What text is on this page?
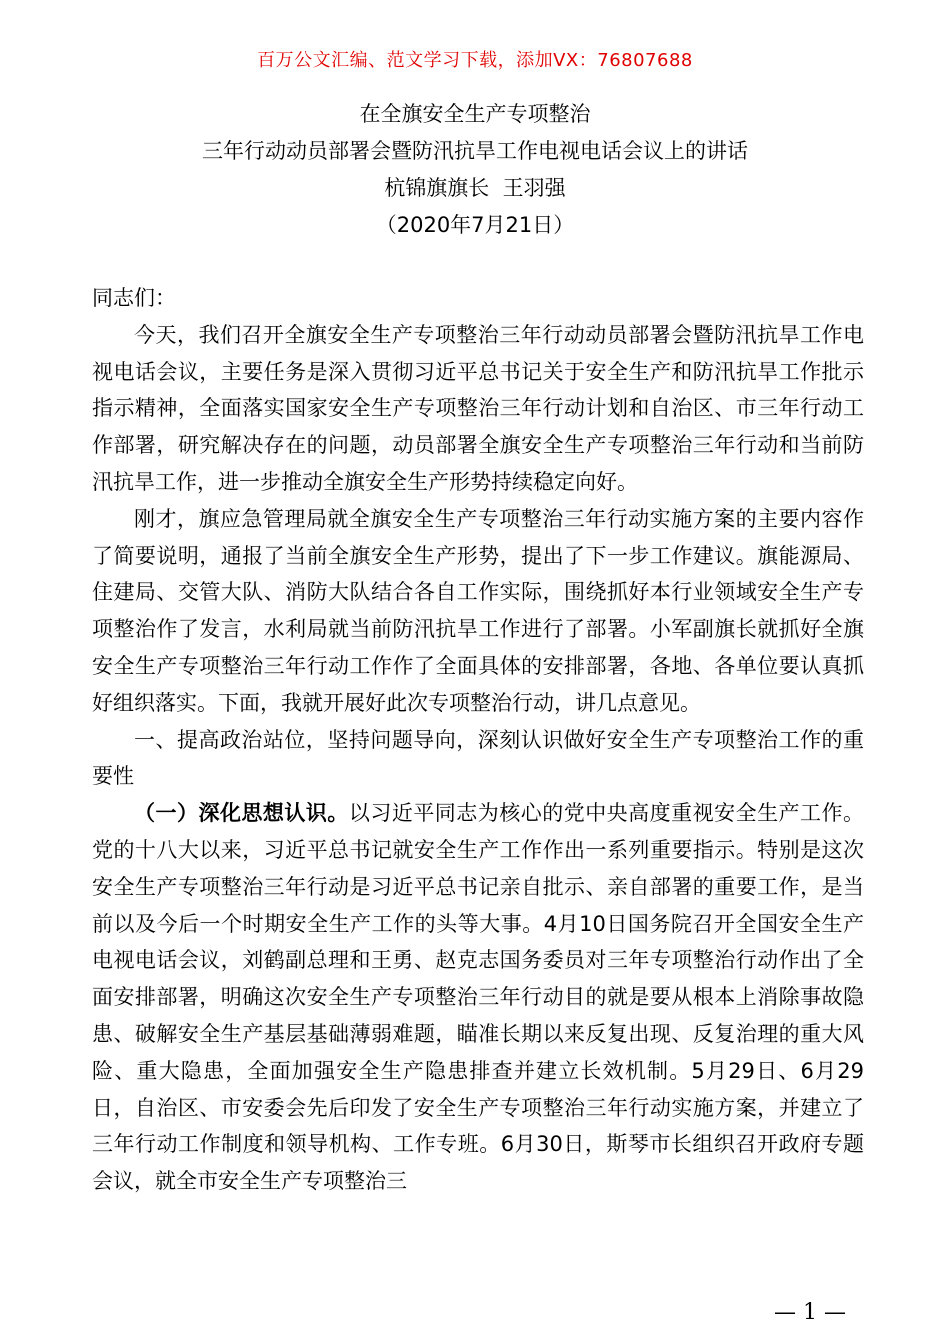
百万公文汇编、范文学习下载，添加VX：76807688
在全旗安全生产专项整治
三年行动动员部署会暨防汛抗旱工作电视电话会议上的讲话
杭锦旗旗长  王羽强
（2020年7月21日）

同志们：

今天，我们召开全旗安全生产专项整治三年行动动员部署会暨防汛抗旱工作电视电话会议，主要任务是深入贯彻习近平总书记关于安全生产和防汛抗旱工作批示指示精神，全面落实国家安全生产专项整治三年行动计划和自治区、市三年行动工作部署，研究解决存在的问题，动员部署全旗安全生产专项整治三年行动和当前防汛抗旱工作，进一步推动全旗安全生产形势持续稳定向好。

刚才，旗应急管理局就全旗安全生产专项整治三年行动实施方案的主要内容作了简要说明，通报了当前全旗安全生产形势，提出了下一步工作建议。旗能源局、住建局、交管大队、消防大队结合各自工作实际，围绕抓好本行业领域安全生产专项整治作了发言，水利局就当前防汛抗旱工作进行了部署。小军副旗长就抓好全旗安全生产专项整治三年行动工作作了全面具体的安排部署，各地、各单位要认真抓好组织落实。下面，我就开展好此次专项整治行动，讲几点意见。

一、提高政治站位，坚持问题导向，深刻认识做好安全生产专项整治工作的重要性

（一）深化思想认识。以习近平同志为核心的党中央高度重视安全生产工作。党的十八大以来，习近平总书记就安全生产工作作出一系列重要指示。特别是这次安全生产专项整治三年行动是习近平总书记亲自批示、亲自部署的重要工作，是当前以及今后一个时期安全生产工作的头等大事。4月10日国务院召开全国安全生产电视电话会议，刘鹤副总理和王勇、赵克志国务委员对三年专项整治行动作出了全面安排部署，明确这次安全生产专项整治三年行动目的就是要从根本上消除事故隐患、破解安全生产基层基础薄弱难题，瞄准长期以来反复出现、反复治理的重大风险、重大隐患，全面加强安全生产隐患排查并建立长效机制。5月29日、6月29日，自治区、市安委会先后印发了安全生产专项整治三年行动实施方案，并建立了三年行动工作制度和领导机构、工作专班。6月30日，斯琴市长组织召开政府专题会议，就全市安全生产专项整治三

— 1 —
